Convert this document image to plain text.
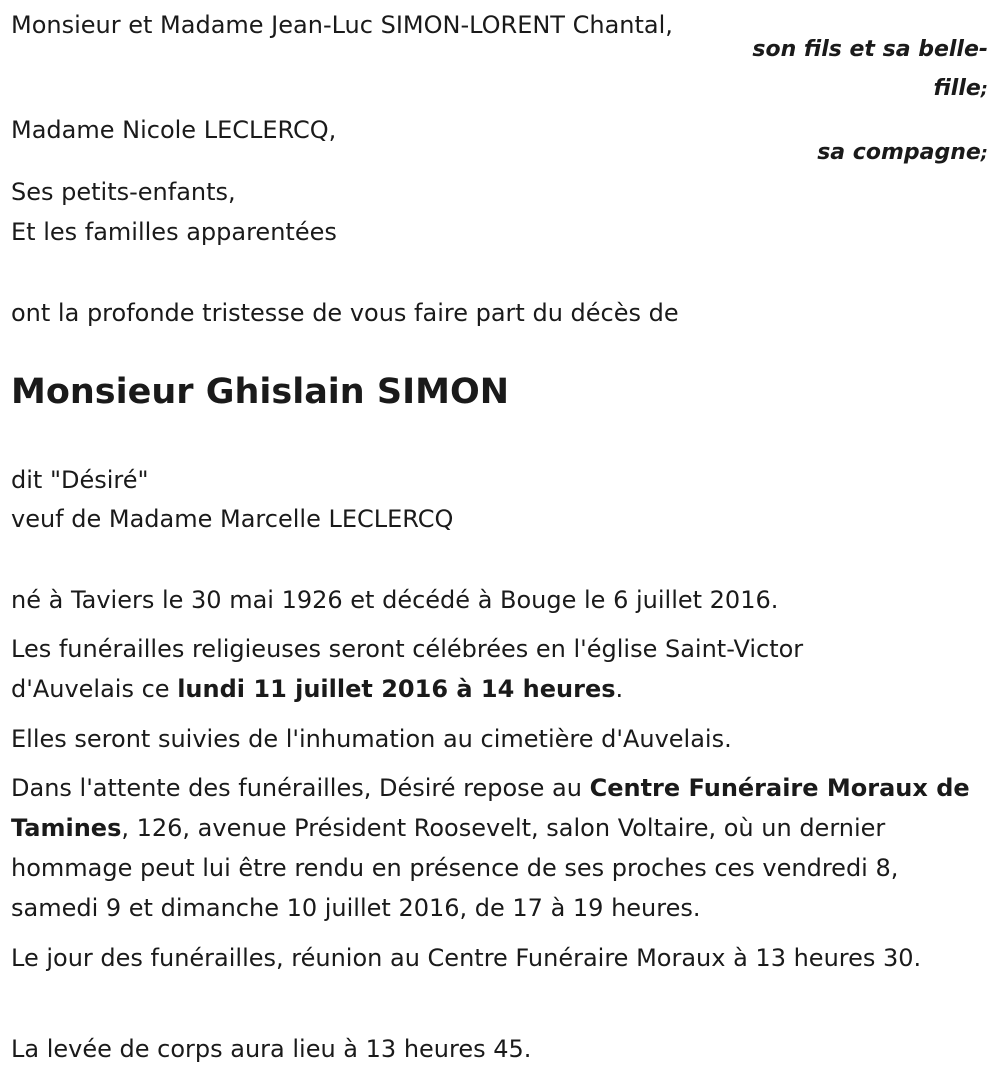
Monsieur et Madame Jean-Luc SIMON-LORENT Chantal,
son fils et sa belle-
fille;
Madame Nicole LECLERCQ,
sa compagne;
Ses petits-enfants,
Et les familles apparentées
ont la profonde tristesse de vous faire part du décès de
Monsieur Ghislain SIMON
dit "Désiré"
veuf de Madame Marcelle LECLERCQ
né à Taviers le 30 mai 1926 et décédé à Bouge le 6 juillet 2016.
Les funérailles religieuses seront célébrées en l'église Saint-Victor
d'Auvelais ce lundi 11 juillet 2016 à 14 heures.
Elles seront suivies de l'inhumation au cimetière d'Auvelais.
Dans l'attente des funérailles, Désiré repose au Centre Funéraire Moraux de Tamines, 126, avenue Président Roosevelt, salon Voltaire, où un dernier hommage peut lui être rendu en présence de ses proches ces vendredi 8, samedi 9 et dimanche 10 juillet 2016, de 17 à 19 heures.
Le jour des funérailles, réunion au Centre Funéraire Moraux à 13 heures 30.
La levée de corps aura lieu à 13 heures 45.
